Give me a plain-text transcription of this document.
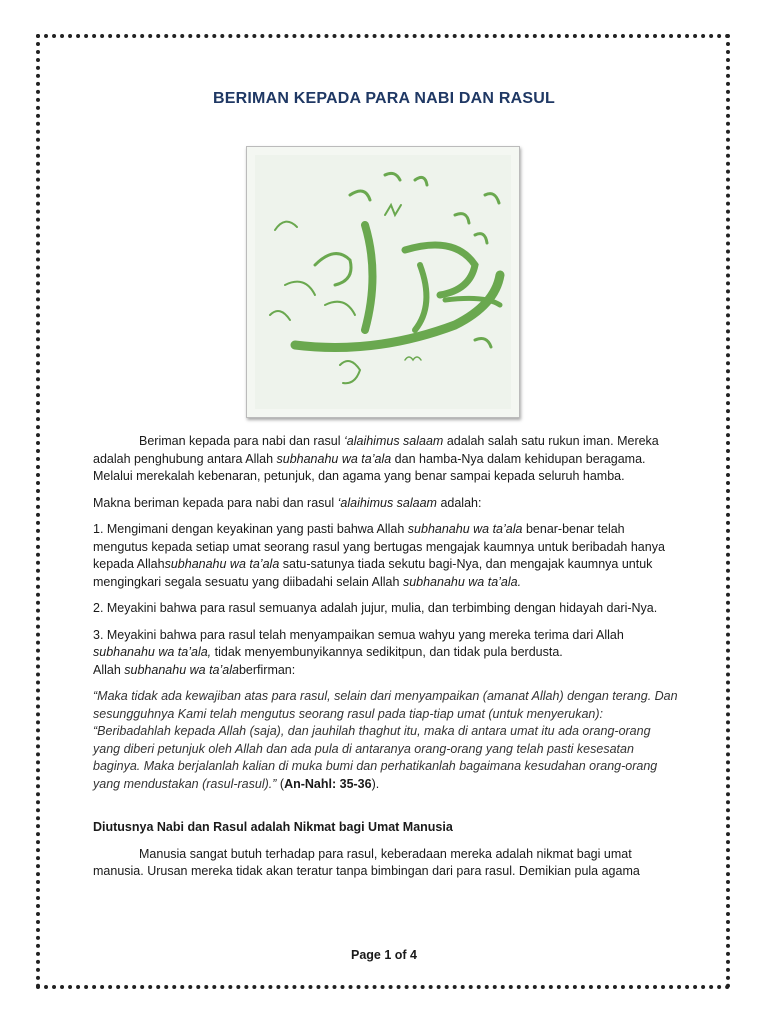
BERIMAN KEPADA PARA NABI DAN RASUL

Beriman kepada para nabi dan rasul ‘alaihimus salaam adalah salah satu rukun iman. Mereka adalah penghubung antara Allah subhanahu wa ta’ala dan hamba-Nya dalam kehidupan beragama. Melalui merekalah kebenaran, petunjuk, dan agama yang benar sampai kepada seluruh hamba.

Makna beriman kepada para nabi dan rasul ‘alaihimus salaam adalah:

1. Mengimani dengan keyakinan yang pasti bahwa Allah subhanahu wa ta’ala benar-benar telah mengutus kepada setiap umat seorang rasul yang bertugas mengajak kaumnya untuk beribadah hanya kepada Allahsubhanahu wa ta’ala satu-satunya tiada sekutu bagi-Nya, dan mengajak kaumnya untuk mengingkari segala sesuatu yang diibadahi selain Allah subhanahu wa ta’ala.

2. Meyakini bahwa para rasul semuanya adalah jujur, mulia, dan terbimbing dengan hidayah dari-Nya.

3. Meyakini bahwa para rasul telah menyampaikan semua wahyu yang mereka terima dari Allah subhanahu wa ta’ala, tidak menyembunyikannya sedikitpun, dan tidak pula berdusta.
Allah subhanahu wa ta’alaberfirman:

“Maka tidak ada kewajiban atas para rasul, selain dari menyampaikan (amanat Allah) dengan terang. Dan sesungguhnya Kami telah mengutus seorang rasul pada tiap-tiap umat (untuk menyerukan): “Beribadahlah kepada Allah (saja), dan jauhilah thaghut itu, maka di antara umat itu ada orang-orang yang diberi petunjuk oleh Allah dan ada pula di antaranya orang-orang yang telah pasti kesesatan baginya. Maka berjalanlah kalian di muka bumi dan perhatikanlah bagaimana kesudahan orang-orang yang mendustakan (rasul-rasul).” (An-Nahl: 35-36).

Diutusnya Nabi dan Rasul adalah Nikmat bagi Umat Manusia

Manusia sangat butuh terhadap para rasul, keberadaan mereka adalah nikmat bagi umat manusia. Urusan mereka tidak akan teratur tanpa bimbingan dari para rasul. Demikian pula agama

Page 1 of 4
